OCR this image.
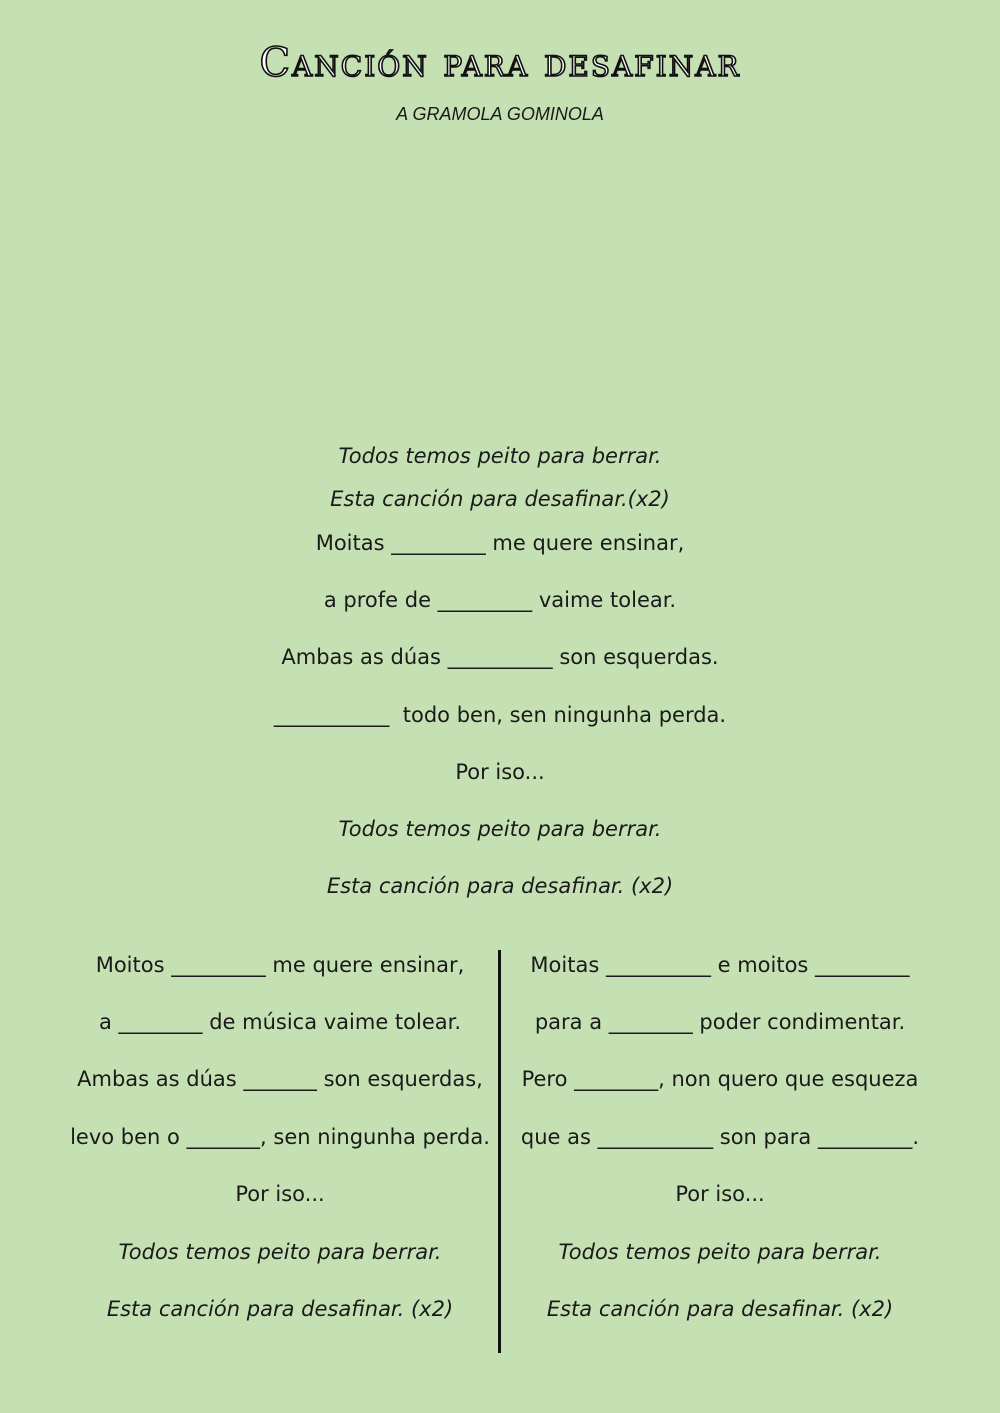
Canción para desafinar
A GRAMOLA GOMINOLA
Todos temos peito para berrar.
Esta canción para desafinar.(x2)
Moitas _________ me quere ensinar,
a profe de _________ vaime tolear.
Ambas as dúas __________ son esquerdas.
___________  todo ben, sen ningunha perda.
Por iso...
Todos temos peito para berrar.
Esta canción para desafinar. (x2)
Moitos _________ me quere ensinar,
a ________ de música vaime tolear.
Ambas as dúas _______ son esquerdas,
levo ben o _______, sen ningunha perda.
Por iso...
Todos temos peito para berrar.
Esta canción para desafinar. (x2)
Moitas __________ e moitos _________
para a ________ poder condimentar.
Pero ________, non quero que esqueza
que as ___________ son para _________.
Por iso...
Todos temos peito para berrar.
Esta canción para desafinar. (x2)
